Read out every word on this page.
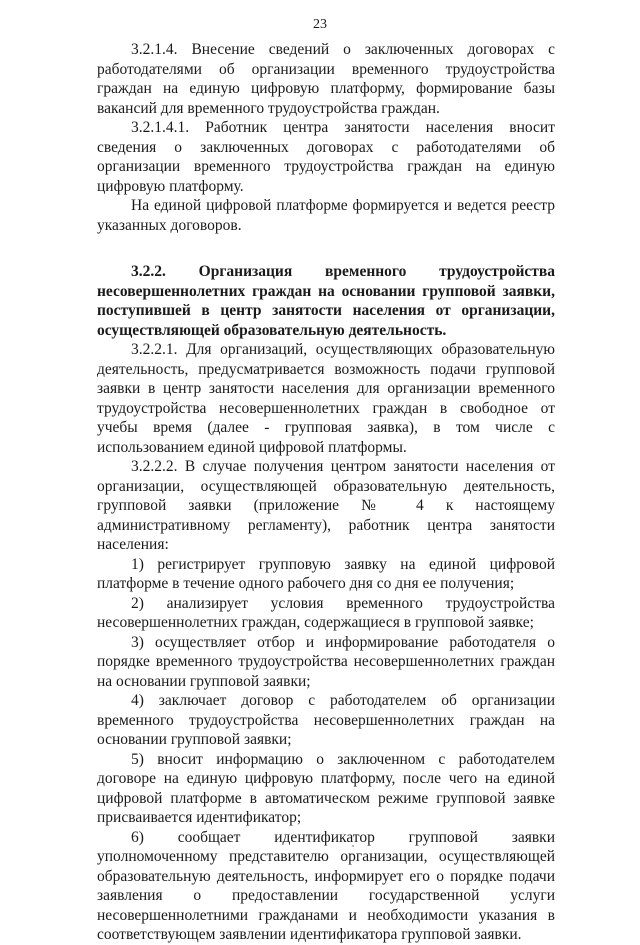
23

3.2.1.4. Внесение сведений о заключенных договорах с работодателями об организации временного трудоустройства граждан на единую цифровую платформу, формирование базы вакансий для временного трудоустройства граждан.

3.2.1.4.1. Работник центра занятости населения вносит сведения о заключенных договорах с работодателями об организации временного трудоустройства граждан на единую цифровую платформу.

На единой цифровой платформе формируется и ведется реестр указанных договоров.

3.2.2. Организация временного трудоустройства несовершеннолетних граждан на основании групповой заявки, поступившей в центр занятости населения от организации, осуществляющей образовательную деятельность.

3.2.2.1. Для организаций, осуществляющих образовательную деятельность, предусматривается возможность подачи групповой заявки в центр занятости населения для организации временного трудоустройства несовершеннолетних граждан в свободное от учебы время (далее - групповая заявка), в том числе с использованием единой цифровой платформы.

3.2.2.2. В случае получения центром занятости населения от организации, осуществляющей образовательную деятельность, групповой заявки (приложение № 4 к настоящему административному регламенту), работник центра занятости населения:

1) регистрирует групповую заявку на единой цифровой платформе в течение одного рабочего дня со дня ее получения;

2) анализирует условия временного трудоустройства несовершеннолетних граждан, содержащиеся в групповой заявке;

3) осуществляет отбор и информирование работодателя о порядке временного трудоустройства несовершеннолетних граждан на основании групповой заявки;

4) заключает договор с работодателем об организации временного трудоустройства несовершеннолетних граждан на основании групповой заявки;

5) вносит информацию о заключенном с работодателем договоре на единую цифровую платформу, после чего на единой цифровой платформе в автоматическом режиме групповой заявке присваивается идентификатор;

6) сообщает идентификатор групповой заявки уполномоченному представителю организации, осуществляющей образовательную деятельность, информирует его о порядке подачи заявления о предоставлении государственной услуги несовершеннолетними гражданами и необходимости указания в соответствующем заявлении идентификатора групповой заявки.
